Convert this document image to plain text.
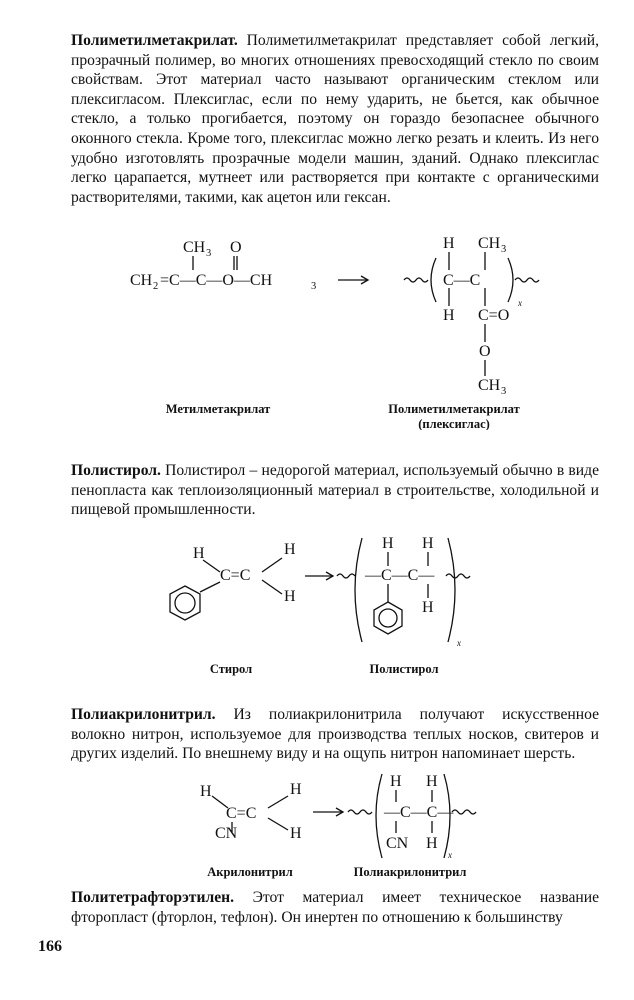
Полиметилметакрилат. Полиметилметакрилат представляет собой легкий, прозрачный полимер, во многих отношениях превосходящий стекло по своим свойствам. Этот материал часто называют органическим стеклом или плексигласом. Плексиглас, если по нему ударить, не бьется, как обычное стекло, а только прогибается, поэтому он гораздо безопаснее обычного оконного стекла. Кроме того, плексиглас можно легко резать и клеить. Из него удобно изготовлять прозрачные модели машин, зданий. Однако плексиглас легко царапается, мутнеет или растворяется при контакте с органическими растворителями, такими, как ацетон или гексан.

CH 3 O
CH 2 =C—C—O—CH	3
H CH 3
C—C
H C=O
x
O
CH 3
Метилметакрилат	Полиметилметакрилат
(плексиглас)

Полистирол. Полистирол – недорогой материал, используемый обычно в виде пенопласта как теплоизоляционный материал в строительстве, холодильной и пищевой промышленности.

H
C=C
H
H
H H
—C—C—
H
x
Стирол	Полистирол

Полиакрилонитрил. Из полиакрилонитрила получают искусственное волокно нитрон, используемое для производства теплых носков, свитеров и других изделий. По внешнему виду и на ощупь нитрон напоминает шерсть.

H
C=C
H
H
CN
H H
—C—C—
CN H
x
Акрилонитрил	Полиакрилонитрил

Политетрафторэтилен. Этот материал имеет техническое название фторопласт (фторлон, тефлон). Он инертен по отношению к большинству

166
